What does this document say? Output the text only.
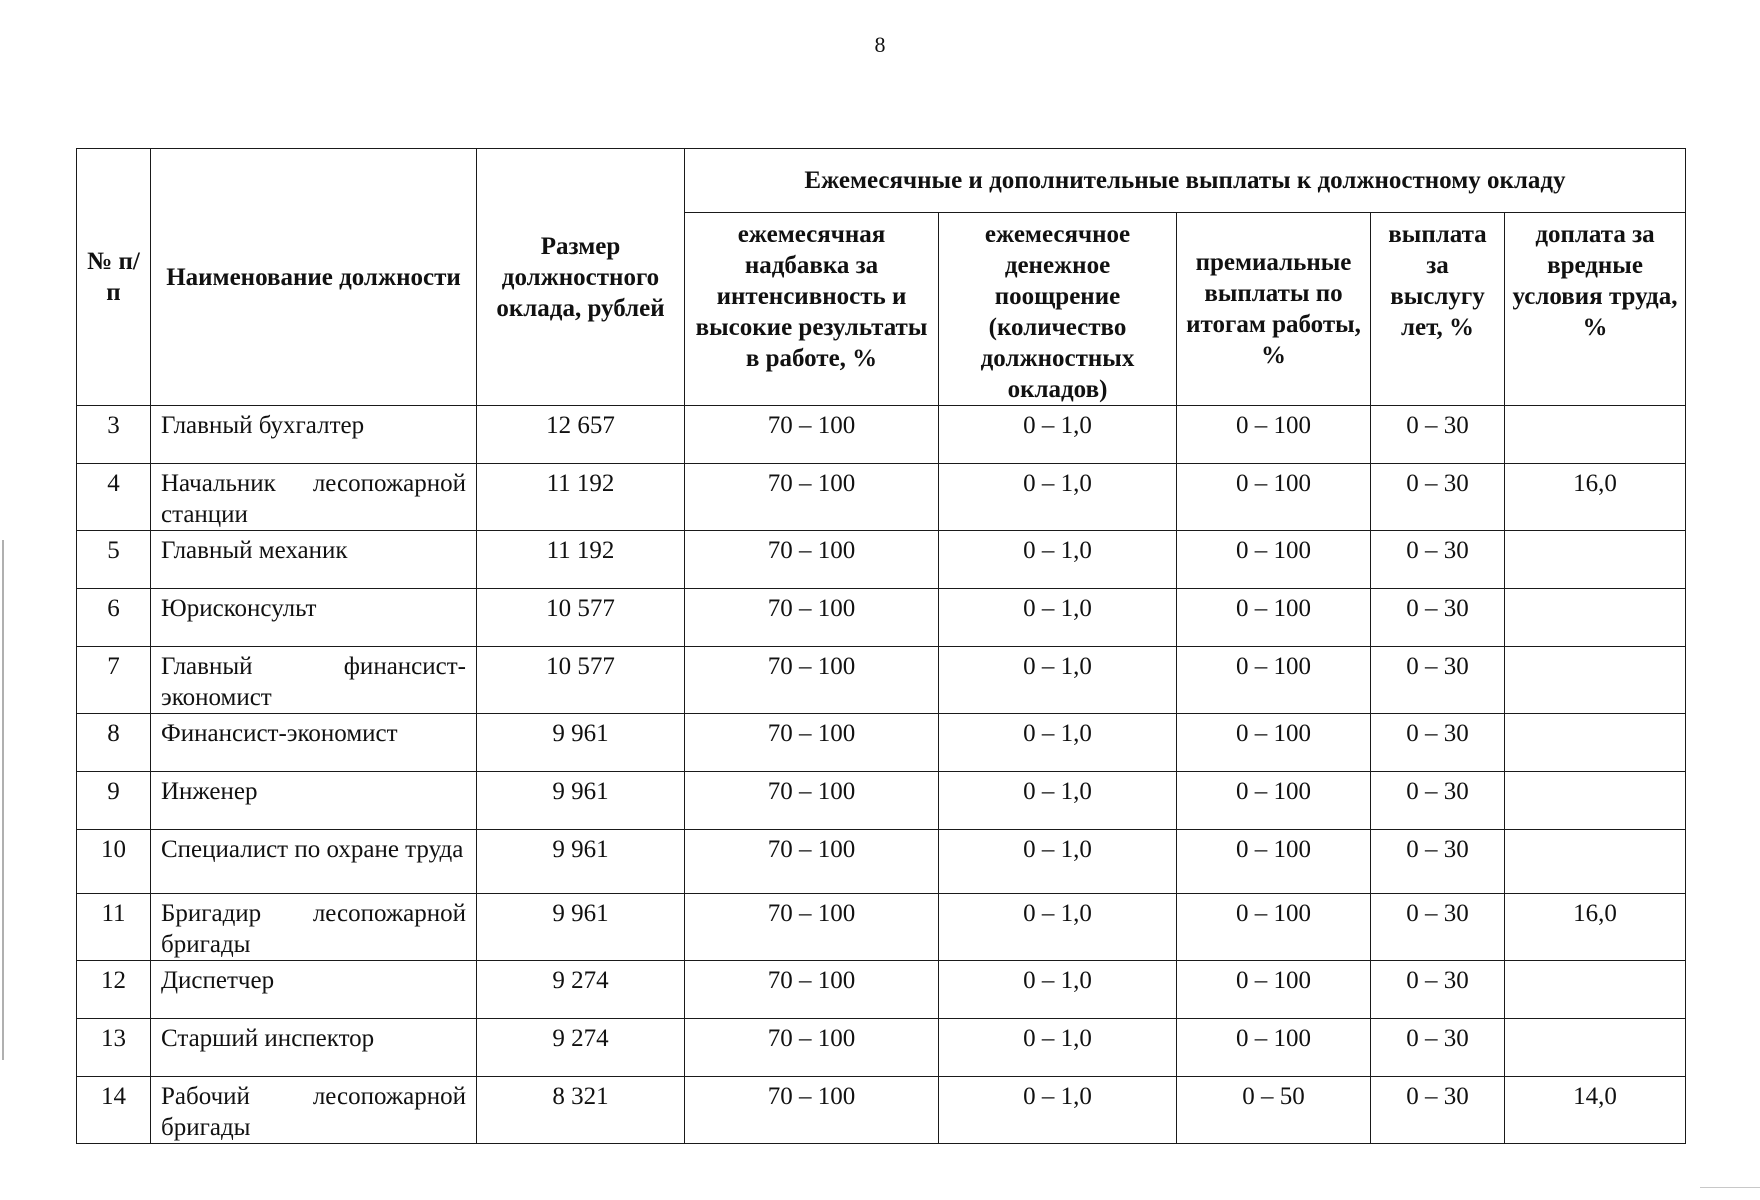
8
№ п/п	Наименование должности	Размер должностного оклада, рублей	Ежемесячные и дополнительные выплаты к должностному окладу				
			ежемесячная надбавка за интенсивность и высокие результаты в работе, %	ежемесячное денежное поощрение (количество должностных окладов)	премиальные выплаты по итогам работы, %	выплата за выслугу лет, %	доплата за вредные условия труда, %
3	Главный бухгалтер	12 657	70 – 100	0 – 1,0	0 – 100	0 – 30	
4	Начальник лесопожарной станции	11 192	70 – 100	0 – 1,0	0 – 100	0 – 30	16,0
5	Главный механик	11 192	70 – 100	0 – 1,0	0 – 100	0 – 30	
6	Юрисконсульт	10 577	70 – 100	0 – 1,0	0 – 100	0 – 30	
7	Главный финансист-экономист	10 577	70 – 100	0 – 1,0	0 – 100	0 – 30	
8	Финансист-экономист	9 961	70 – 100	0 – 1,0	0 – 100	0 – 30	
9	Инженер	9 961	70 – 100	0 – 1,0	0 – 100	0 – 30	
10	Специалист по охране труда	9 961	70 – 100	0 – 1,0	0 – 100	0 – 30	
11	Бригадир лесопожарной бригады	9 961	70 – 100	0 – 1,0	0 – 100	0 – 30	16,0
12	Диспетчер	9 274	70 – 100	0 – 1,0	0 – 100	0 – 30	
13	Старший инспектор	9 274	70 – 100	0 – 1,0	0 – 100	0 – 30	
14	Рабочий лесопожарной бригады	8 321	70 – 100	0 – 1,0	0 – 50	0 – 30	14,0
